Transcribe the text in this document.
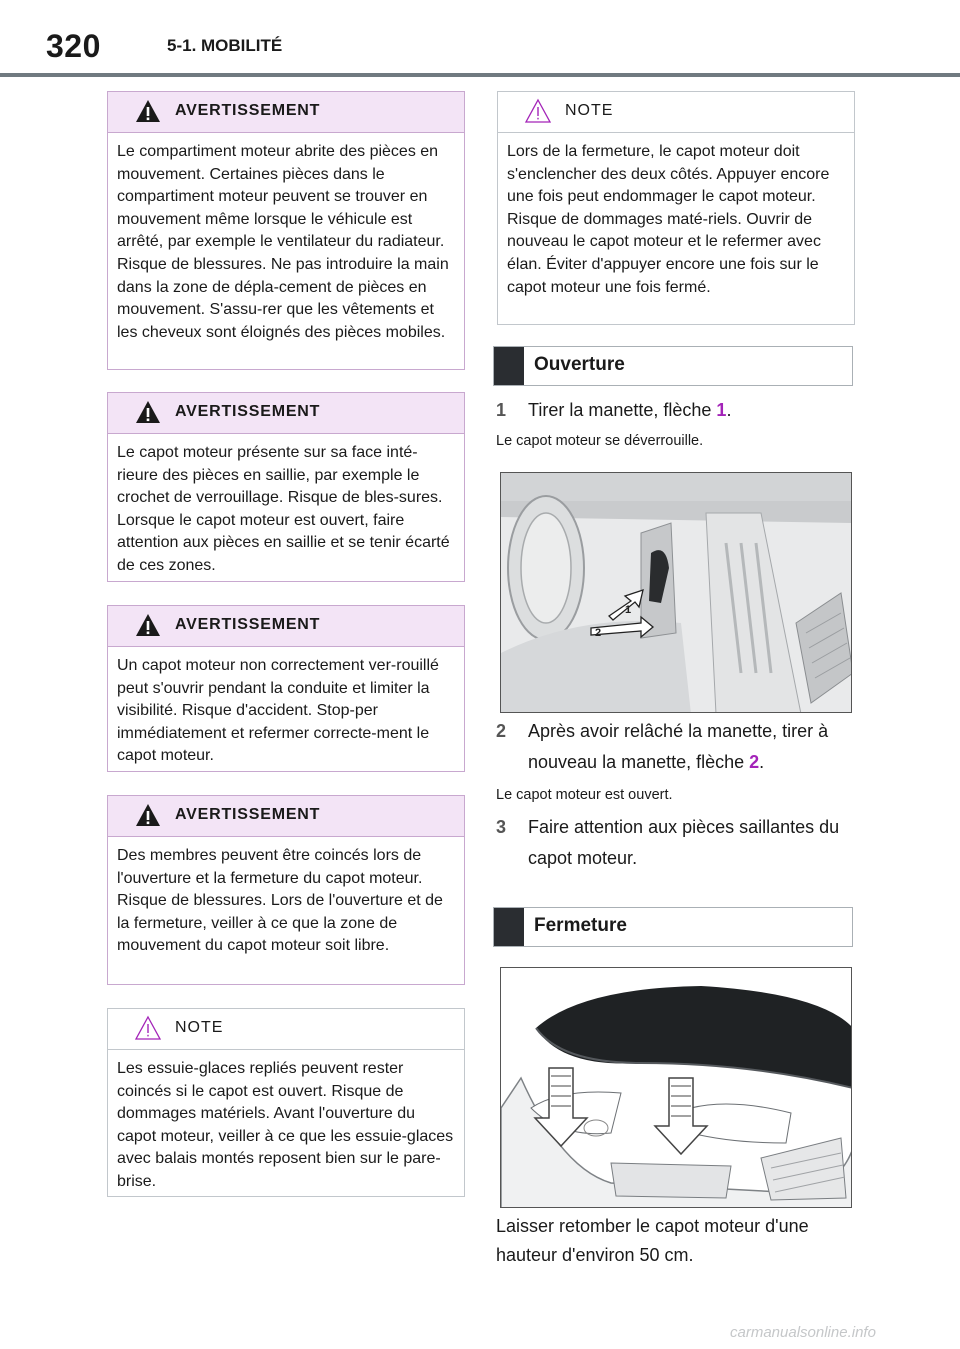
320	5-1. MOBILITÉ
AVERTISSEMENT
Le compartiment moteur abrite des pièces en mouvement. Certaines pièces dans le compartiment moteur peuvent se trouver en mouvement même lorsque le véhicule est arrêté, par exemple le ventilateur du radiateur. Risque de blessures. Ne pas introduire la main dans la zone de dépla-cement de pièces en mouvement. S'assu-rer que les vêtements et les cheveux sont éloignés des pièces mobiles.
AVERTISSEMENT
Le capot moteur présente sur sa face inté-rieure des pièces en saillie, par exemple le crochet de verrouillage. Risque de bles-sures. Lorsque le capot moteur est ouvert, faire attention aux pièces en saillie et se tenir écarté de ces zones.
AVERTISSEMENT
Un capot moteur non correctement ver-rouillé peut s'ouvrir pendant la conduite et limiter la visibilité. Risque d'accident. Stop-per immédiatement et refermer correcte-ment le capot moteur.
AVERTISSEMENT
Des membres peuvent être coincés lors de l'ouverture et la fermeture du capot moteur. Risque de blessures. Lors de l'ouverture et de la fermeture, veiller à ce que la zone de mouvement du capot moteur soit libre.
NOTE
Les essuie-glaces repliés peuvent rester coincés si le capot est ouvert. Risque de dommages matériels. Avant l'ouverture du capot moteur, veiller à ce que les essuie-glaces avec balais montés reposent bien sur le pare-brise.
NOTE
Lors de la fermeture, le capot moteur doit s'enclencher des deux côtés. Appuyer encore une fois peut endommager le capot moteur. Risque de dommages maté-riels. Ouvrir de nouveau le capot moteur et le refermer avec élan. Éviter d'appuyer encore une fois sur le capot moteur une fois fermé.
Ouverture
1	Tirer la manette, flèche 1.
Le capot moteur se déverrouille.
1
2
2	Après avoir relâché la manette, tirer à nouveau la manette, flèche 2.
Le capot moteur est ouvert.
3	Faire attention aux pièces saillantes du capot moteur.
Fermeture
Laisser retomber le capot moteur d'une hauteur d'environ 50 cm.
carmanualsonline.info
